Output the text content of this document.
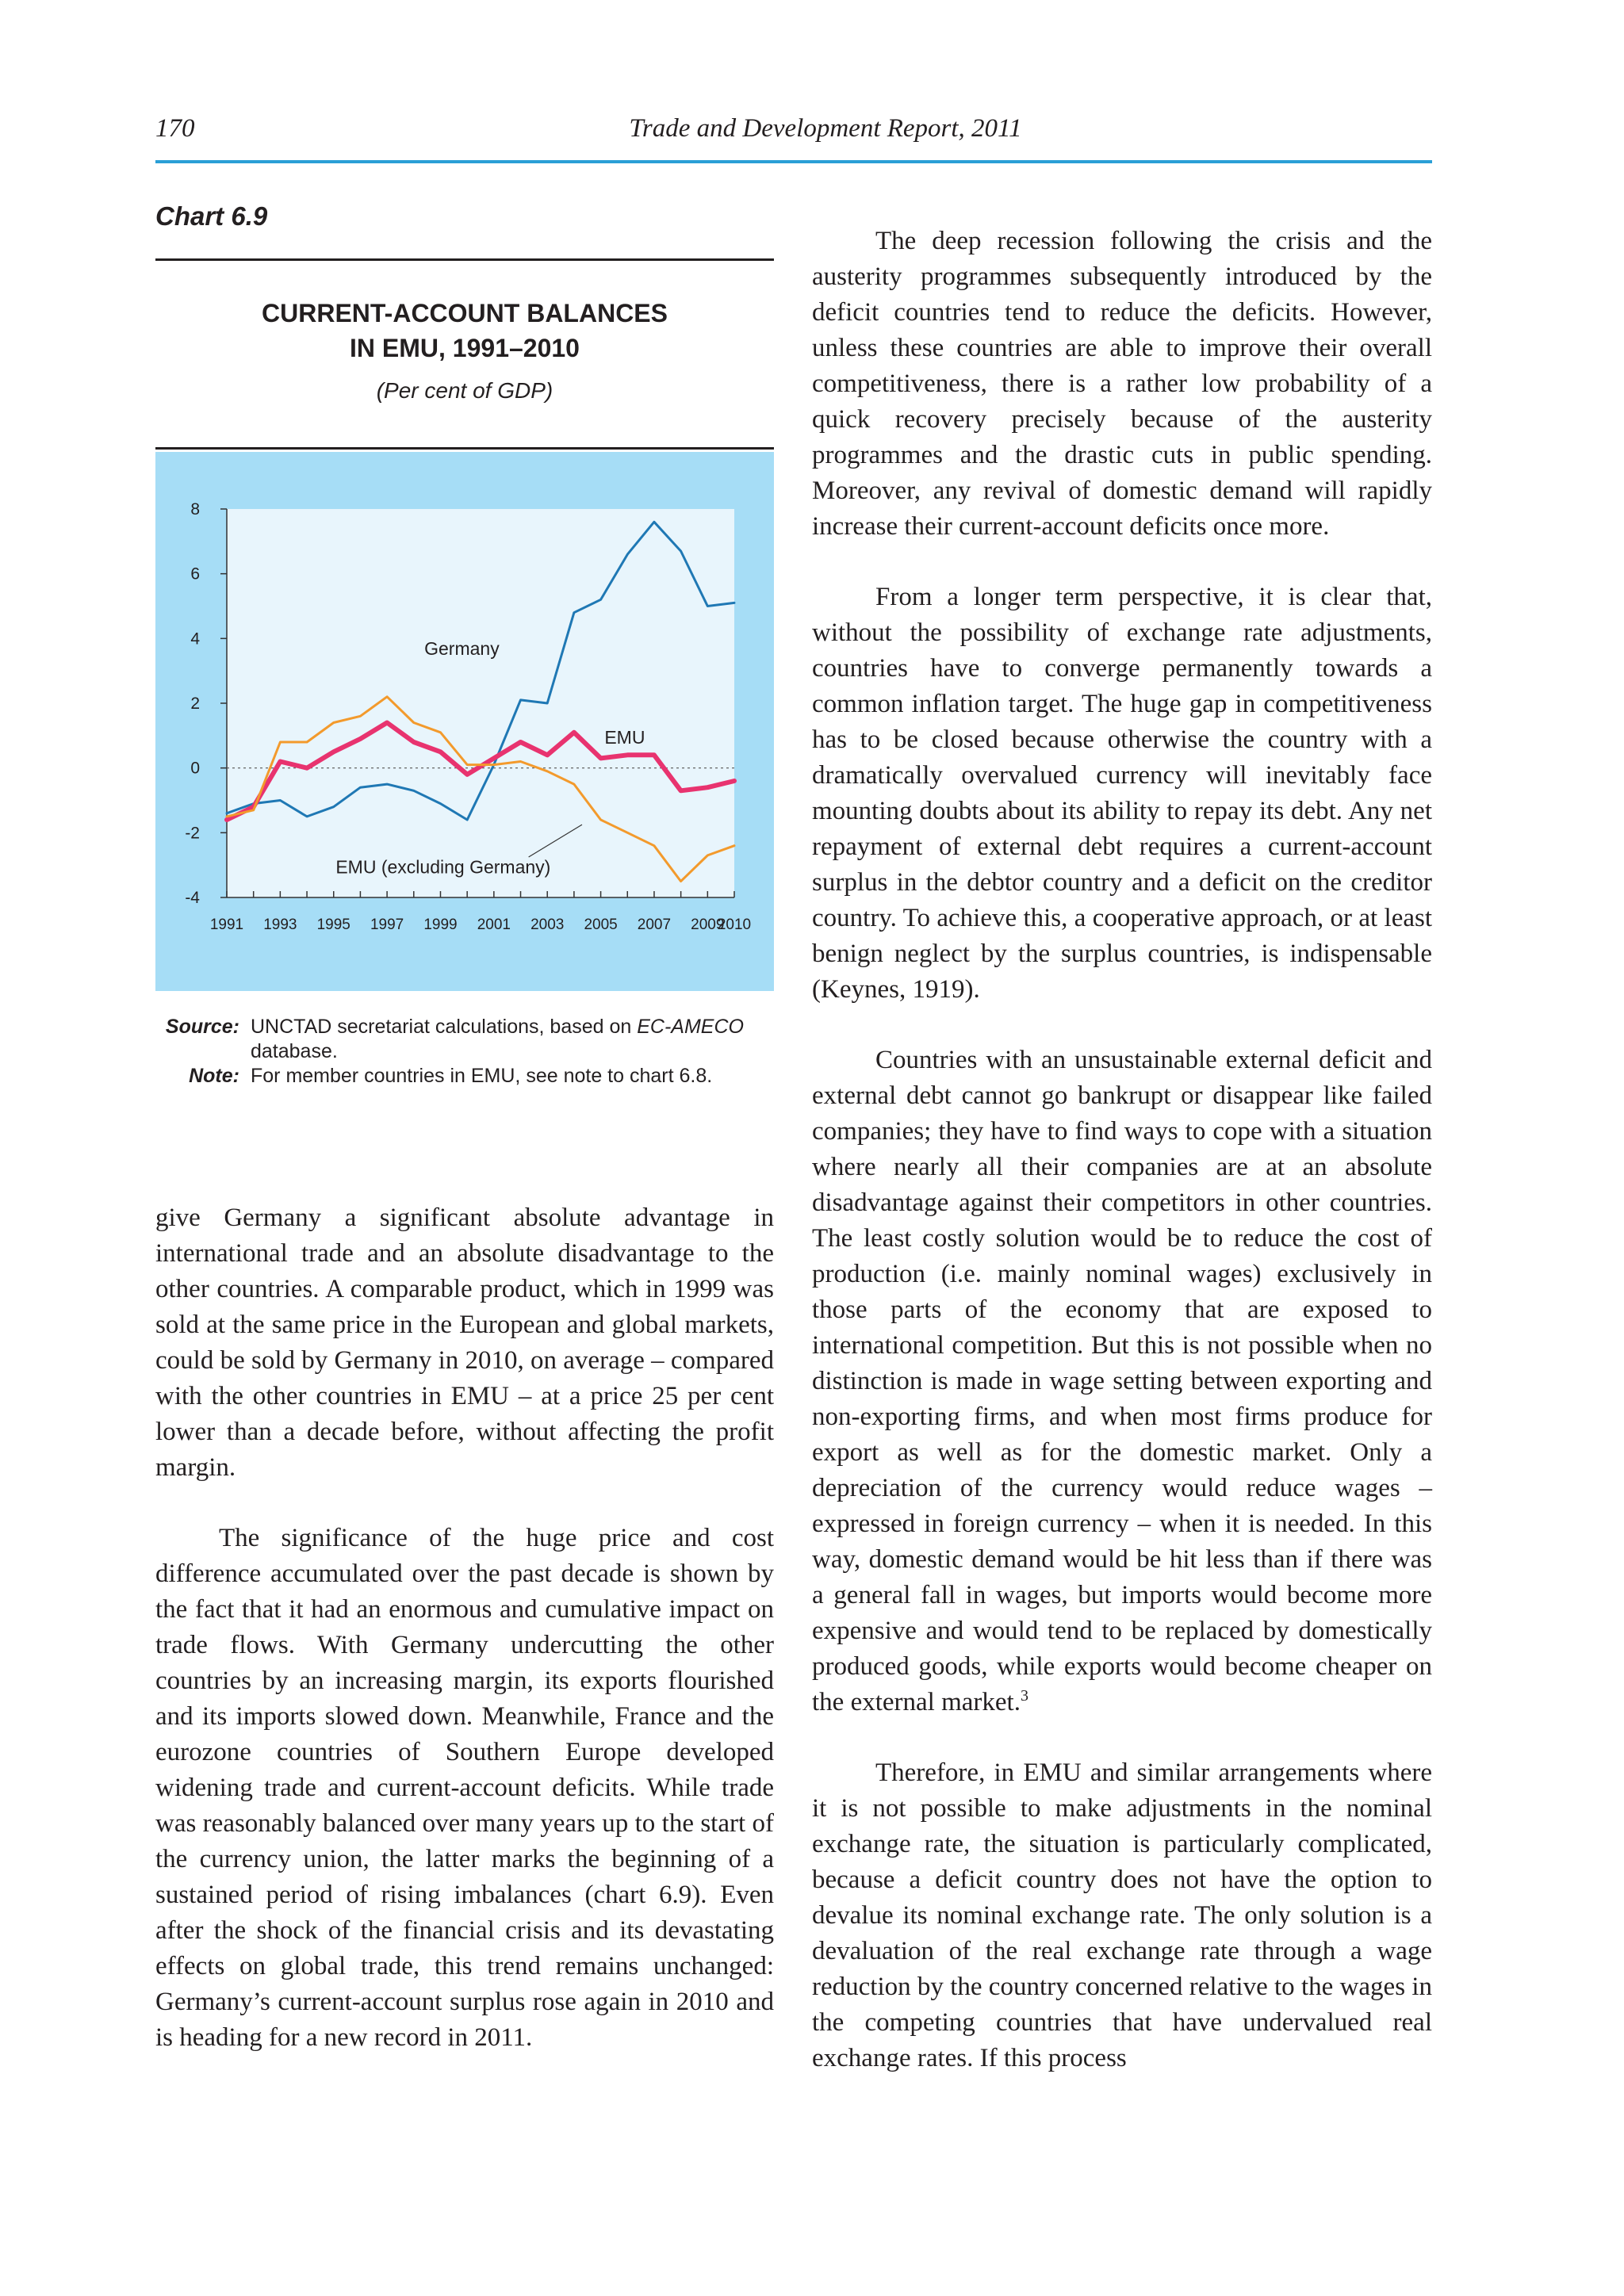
170	Trade and Development Report, 2011
Chart 6.9
CURRENT-ACCOUNT BALANCES
IN EMU, 1991–2010
(Per cent of GDP)
-4
-2
0
2
4
6
8
1991 1993 1995 1997 1999 2001 2003 2005 2007 2009
2010
Germany
EMU
EMU (excluding Germany)
Source: UNCTAD secretariat calculations, based on EC-AMECO database.
Note: For member countries in EMU, see note to chart 6.8.

give Germany a significant absolute advantage in international trade and an absolute disadvantage to the other countries. A comparable product, which in 1999 was sold at the same price in the European and global markets, could be sold by Germany in 2010, on average – compared with the other countries in EMU – at a price 25 per cent lower than a decade before, without affecting the profit margin.

The significance of the huge price and cost difference accumulated over the past decade is shown by the fact that it had an enormous and cumulative impact on trade flows. With Germany undercutting the other countries by an increasing margin, its exports flourished and its imports slowed down. Meanwhile, France and the eurozone countries of Southern Europe developed widening trade and current-account deficits. While trade was reasonably balanced over many years up to the start of the currency union, the latter marks the beginning of a sustained period of rising imbalances (chart 6.9). Even after the shock of the financial crisis and its devastating effects on global trade, this trend remains unchanged: Germany’s current-account surplus rose again in 2010 and is heading for a new record in 2011.

The deep recession following the crisis and the austerity programmes subsequently introduced by the deficit countries tend to reduce the deficits. However, unless these countries are able to improve their overall competitiveness, there is a rather low probability of a quick recovery precisely because of the austerity programmes and the drastic cuts in public spending. Moreover, any revival of domestic demand will rapidly increase their current-account deficits once more.

From a longer term perspective, it is clear that, without the possibility of exchange rate adjustments, countries have to converge permanently towards a common inflation target. The huge gap in competitiveness has to be closed because otherwise the country with a dramatically overvalued currency will inevitably face mounting doubts about its ability to repay its debt. Any net repayment of external debt requires a current-account surplus in the debtor country and a deficit on the creditor country. To achieve this, a cooperative approach, or at least benign neglect by the surplus countries, is indispensable (Keynes, 1919).

Countries with an unsustainable external deficit and external debt cannot go bankrupt or disappear like failed companies; they have to find ways to cope with a situation where nearly all their companies are at an absolute disadvantage against their competitors in other countries. The least costly solution would be to reduce the cost of production (i.e. mainly nominal wages) exclusively in those parts of the economy that are exposed to international competition. But this is not possible when no distinction is made in wage setting between exporting and non-exporting firms, and when most firms produce for export as well as for the domestic market. Only a depreciation of the currency would reduce wages – expressed in foreign currency – when it is needed. In this way, domestic demand would be hit less than if there was a general fall in wages, but imports would become more expensive and would tend to be replaced by domestically produced goods, while exports would become cheaper on the external market.$^3$

Therefore, in EMU and similar arrangements where it is not possible to make adjustments in the nominal exchange rate, the situation is particularly complicated, because a deficit country does not have the option to devalue its nominal exchange rate. The only solution is a devaluation of the real exchange rate through a wage reduction by the country concerned relative to the wages in the competing countries that have undervalued real exchange rates. If this process
